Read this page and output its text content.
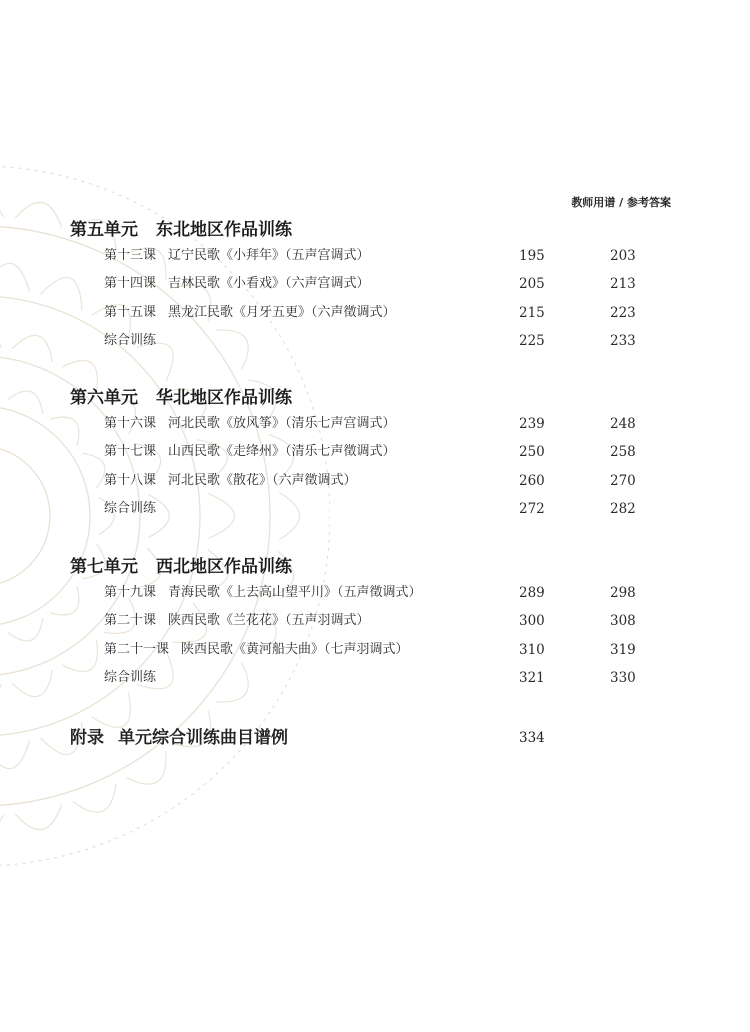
教师用谱 / 参考答案
第五单元 东北地区作品训练
第十三课 辽宁民歌《小拜年》（五声宫调式）	195	203
第十四课 吉林民歌《小看戏》（六声宫调式）	205	213
第十五课 黑龙江民歌《月牙五更》（六声徵调式）	215	223
综合训练	225	233
第六单元 华北地区作品训练
第十六课 河北民歌《放风筝》（清乐七声宫调式）	239	248
第十七课 山西民歌《走绛州》（清乐七声徵调式）	250	258
第十八课 河北民歌《散花》（六声徵调式）	260	270
综合训练	272	282
第七单元 西北地区作品训练
第十九课 青海民歌《上去高山望平川》（五声徵调式）	289	298
第二十课 陕西民歌《兰花花》（五声羽调式）	300	308
第二十一课 陕西民歌《黄河船夫曲》（七声羽调式）	310	319
综合训练	321	330
附录 单元综合训练曲目谱例	334
